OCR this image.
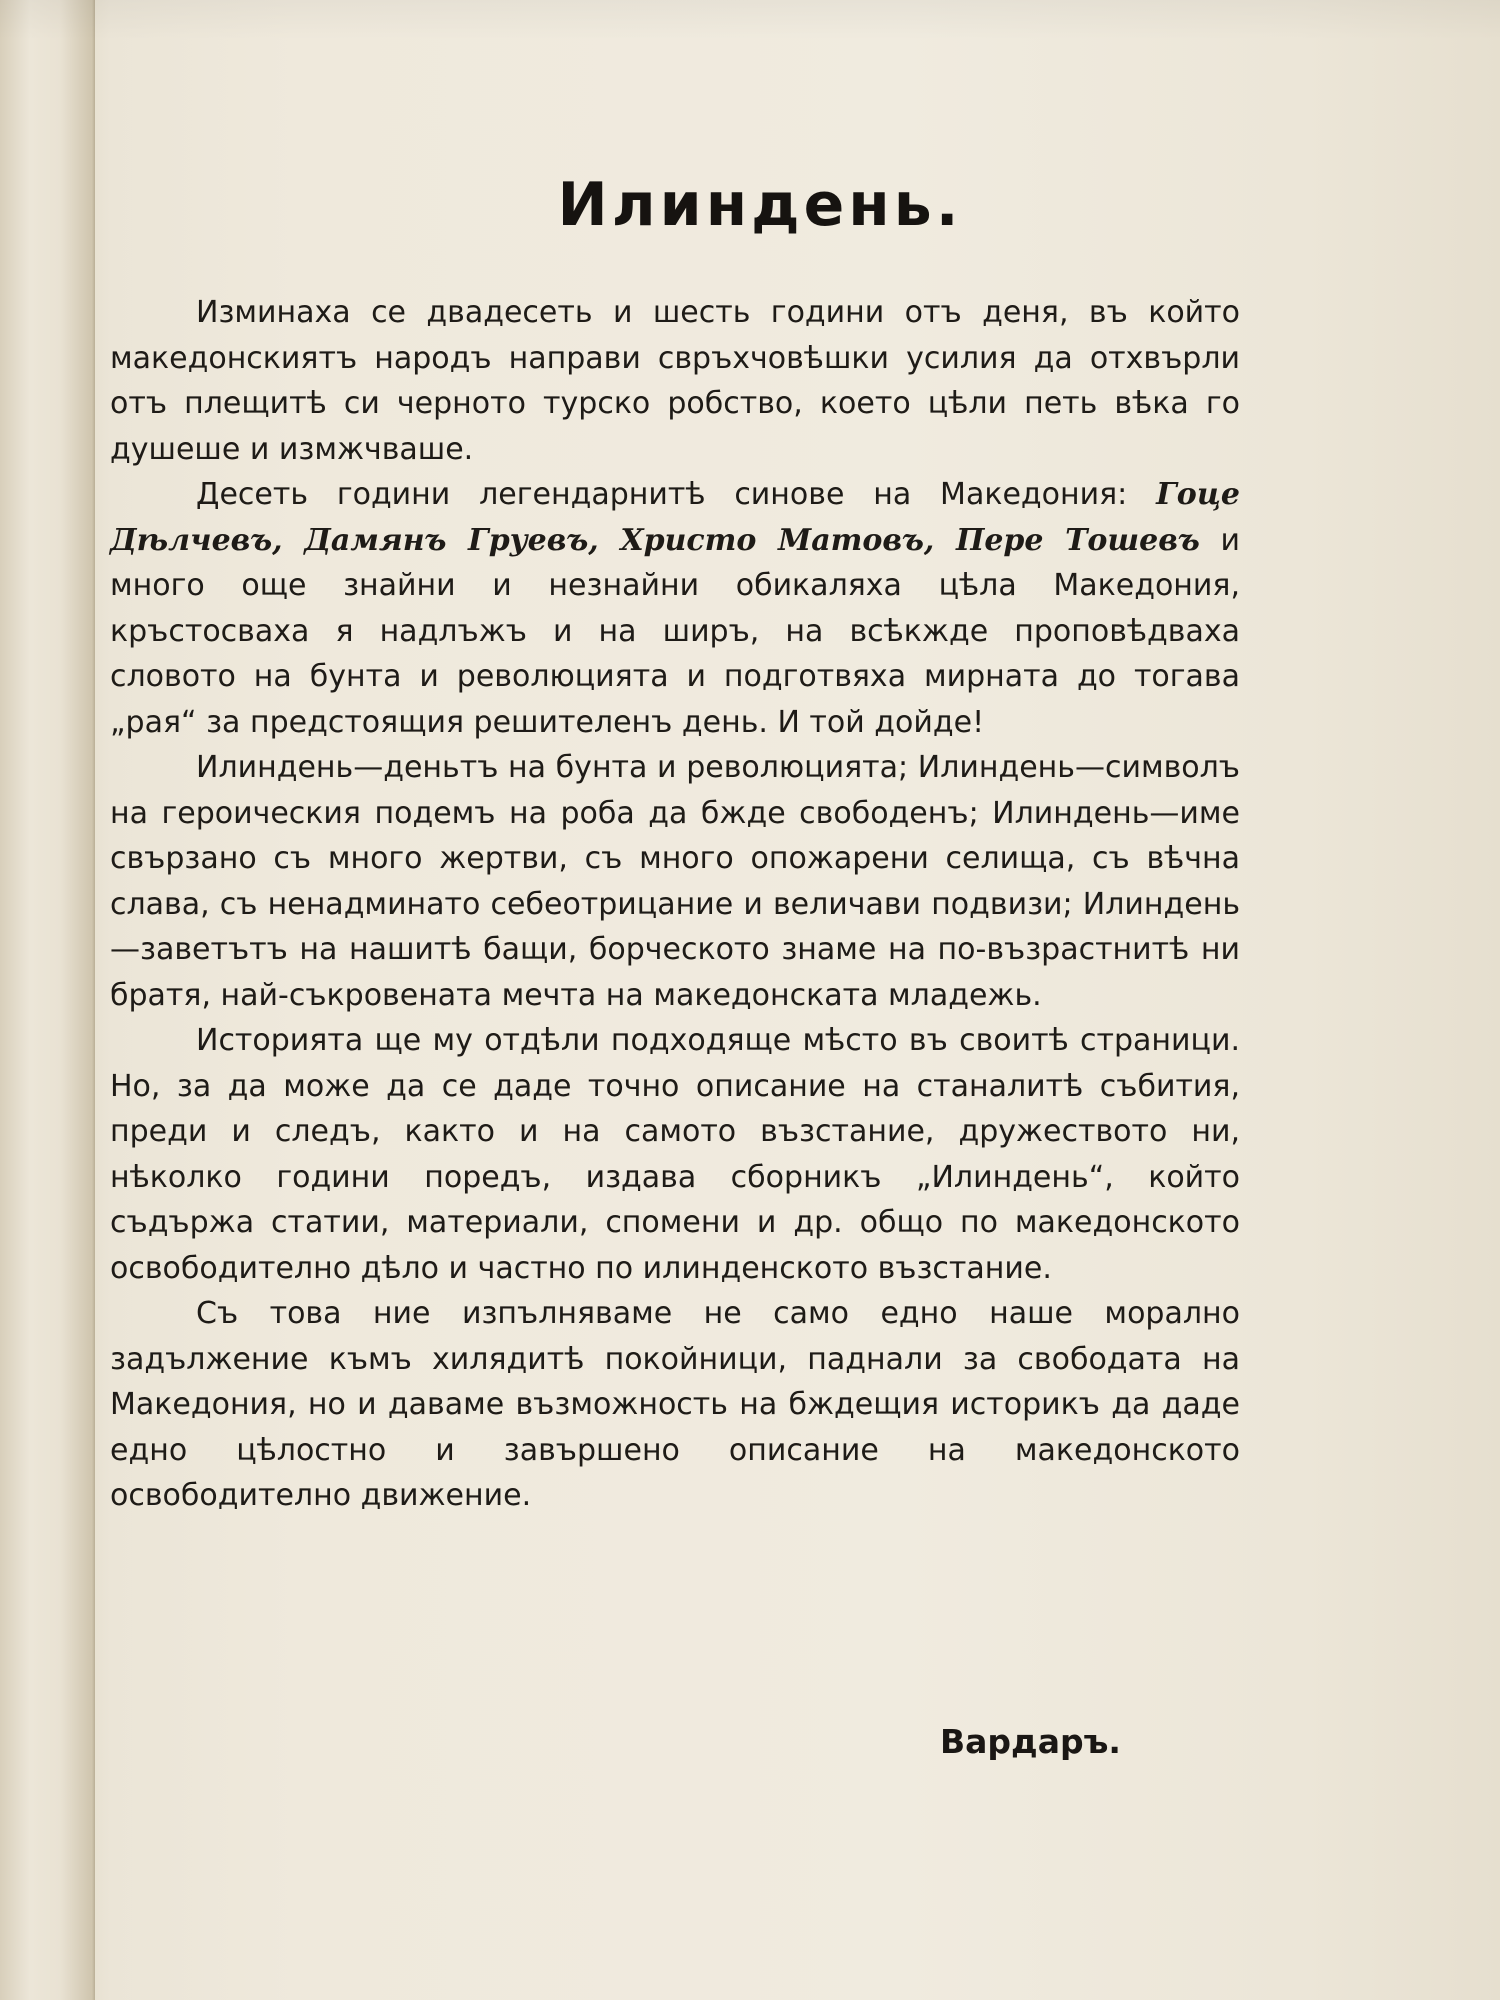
Илиндень.

Изминаха се двадесеть и шесть години отъ деня, въ който македонскиятъ народъ направи свръхчовѣшки усилия да отхвърли отъ плещитѣ си черното турско робство, което цѣли петь вѣка го душеше и измжчваше.

Десеть години легендарнитѣ синове на Македония: Гоце Дѣлчевъ, Дамянъ Груевъ, Христо Матовъ, Пере Тошевъ и много още знайни и незнайни обикаляха цѣла Македония, кръстосваха я надлъжъ и на ширъ, на всѣкжде проповѣдваха словото на бунта и революцията и подготвяха мирната до тогава „рая“ за предстоящия решителенъ день. И той дойде!

Илиндень—деньтъ на бунта и революцията; Илиндень—символъ на героическия подемъ на роба да бжде свободенъ; Илиндень—име свързано съ много жертви, съ много опожарени селища, съ вѣчна слава, съ ненадминато себеотрицание и величави подвизи; Илиндень—заветътъ на нашитѣ бащи, борческото знаме на по-възрастнитѣ ни братя, най-съкровената мечта на македонската младежь.

Историята ще му отдѣли подходяще мѣсто въ своитѣ страници. Но, за да може да се даде точно описание на станалитѣ събития, преди и следъ, както и на самото възстание, дружеството ни, нѣколко години поредъ, издава сборникъ „Илиндень“, който съдържа статии, материали, спомени и др. общо по македонското освободително дѣло и частно по илинденското възстание.

Съ това ние изпълняваме не само едно наше морално задължение къмъ хилядитѣ покойници, паднали за свободата на Македония, но и даваме възможность на бждещия историкъ да даде едно цѣлостно и завършено описание на македонското освободително движение.

Вардаръ.
